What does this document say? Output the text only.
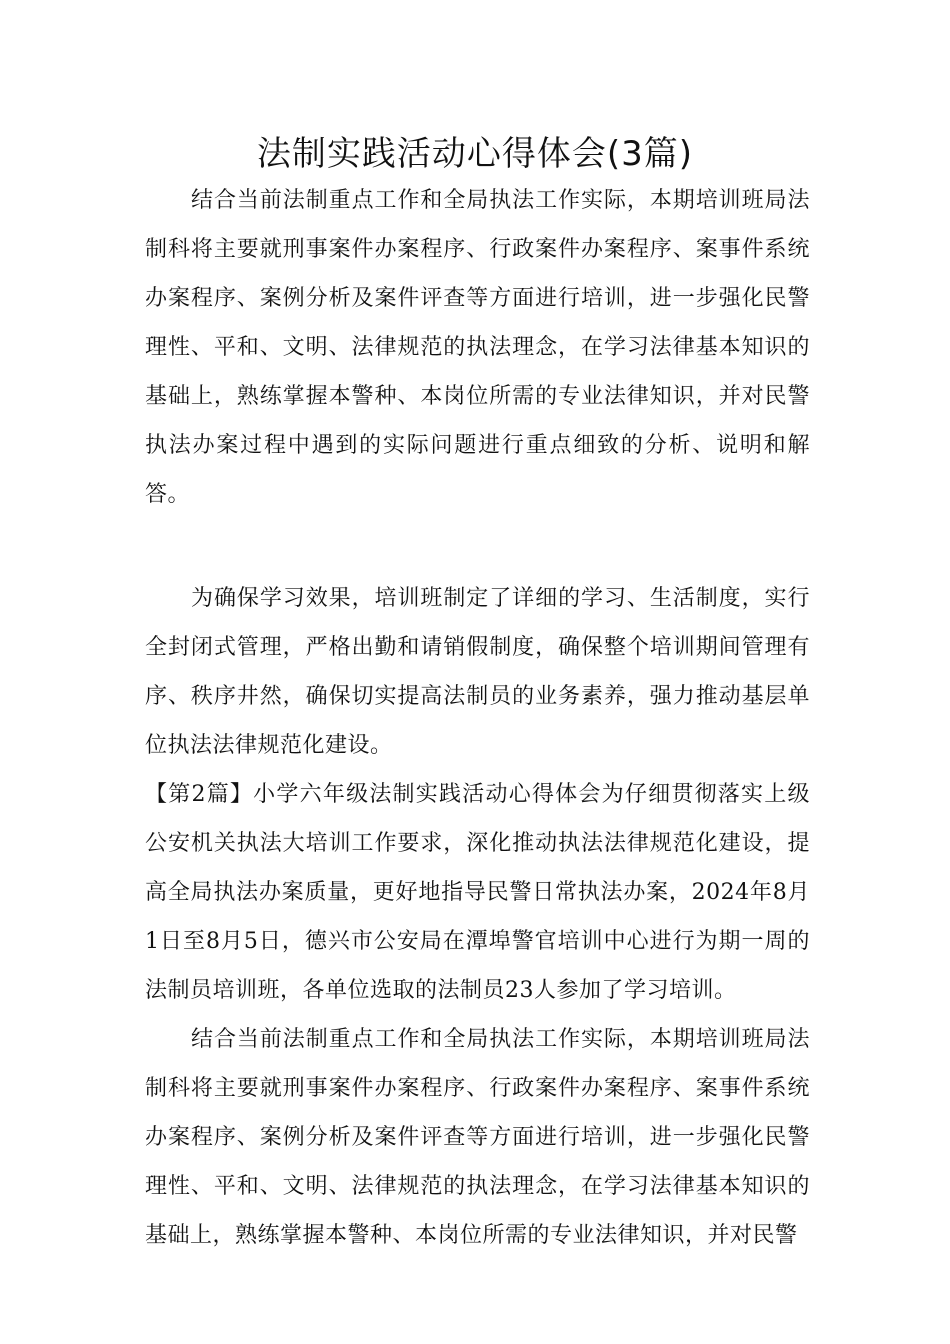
法制实践活动心得体会(3篇)

结合当前法制重点工作和全局执法工作实际，本期培训班局法制科将主要就刑事案件办案程序、行政案件办案程序、案事件系统办案程序、案例分析及案件评查等方面进行培训，进一步强化民警理性、平和、文明、法律规范的执法理念，在学习法律基本知识的基础上，熟练掌握本警种、本岗位所需的专业法律知识，并对民警执法办案过程中遇到的实际问题进行重点细致的分析、说明和解答。

为确保学习效果，培训班制定了详细的学习、生活制度，实行全封闭式管理，严格出勤和请销假制度，确保整个培训期间管理有序、秩序井然，确保切实提高法制员的业务素养，强力推动基层单位执法法律规范化建设。

【第2篇】小学六年级法制实践活动心得体会为仔细贯彻落实上级公安机关执法大培训工作要求，深化推动执法法律规范化建设，提高全局执法办案质量，更好地指导民警日常执法办案，2024年8月1日至8月5日，德兴市公安局在潭埠警官培训中心进行为期一周的法制员培训班，各单位选取的法制员23人参加了学习培训。

结合当前法制重点工作和全局执法工作实际，本期培训班局法制科将主要就刑事案件办案程序、行政案件办案程序、案事件系统办案程序、案例分析及案件评查等方面进行培训，进一步强化民警理性、平和、文明、法律规范的执法理念，在学习法律基本知识的基础上，熟练掌握本警种、本岗位所需的专业法律知识，并对民警
